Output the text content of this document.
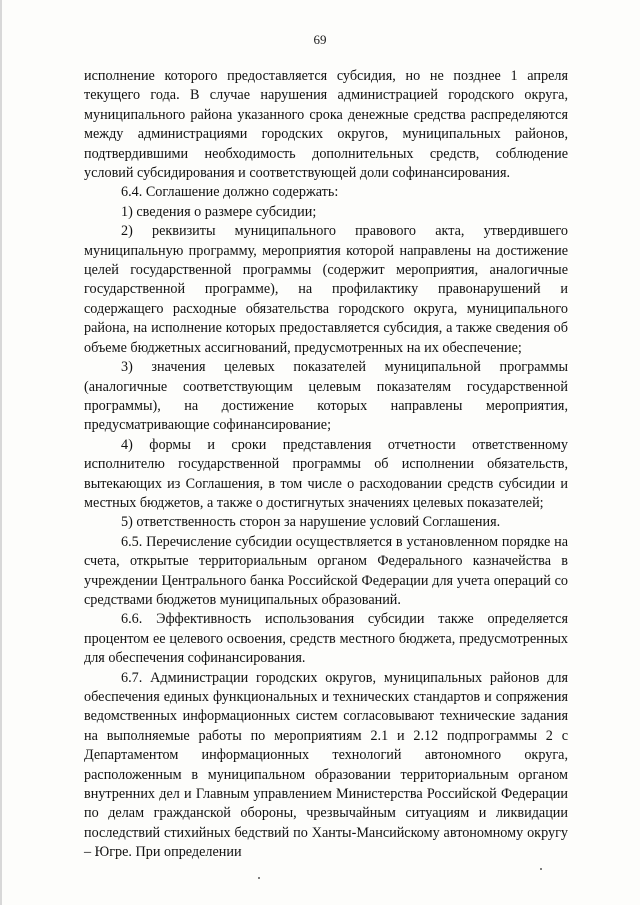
69

исполнение которого предоставляется субсидия, но не позднее 1 апреля текущего года. В случае нарушения администрацией городского округа, муниципального района указанного срока денежные средства распределяются между администрациями городских округов, муниципальных районов, подтвердившими необходимость дополнительных средств, соблюдение условий субсидирования и соответствующей доли софинансирования.

6.4. Соглашение должно содержать:

1) сведения о размере субсидии;

2) реквизиты муниципального правового акта, утвердившего муниципальную программу, мероприятия которой направлены на достижение целей государственной программы (содержит мероприятия, аналогичные государственной программе), на профилактику правонарушений и содержащего расходные обязательства городского округа, муниципального района, на исполнение которых предоставляется субсидия, а также сведения об объеме бюджетных ассигнований, предусмотренных на их обеспечение;

3) значения целевых показателей муниципальной программы (аналогичные соответствующим целевым показателям государственной программы), на достижение которых направлены мероприятия, предусматривающие софинансирование;

4) формы и сроки представления отчетности ответственному исполнителю государственной программы об исполнении обязательств, вытекающих из Соглашения, в том числе о расходовании средств субсидии и местных бюджетов, а также о достигнутых значениях целевых показателей;

5) ответственность сторон за нарушение условий Соглашения.

6.5. Перечисление субсидии осуществляется в установленном порядке на счета, открытые территориальным органом Федерального казначейства в учреждении Центрального банка Российской Федерации для учета операций со средствами бюджетов муниципальных образований.

6.6. Эффективность использования субсидии также определяется процентом ее целевого освоения, средств местного бюджета, предусмотренных для обеспечения софинансирования.

6.7. Администрации городских округов, муниципальных районов для обеспечения единых функциональных и технических стандартов и сопряжения ведомственных информационных систем согласовывают технические задания на выполняемые работы по мероприятиям 2.1 и 2.12 подпрограммы 2 с Департаментом информационных технологий автономного округа, расположенным в муниципальном образовании территориальным органом внутренних дел и Главным управлением Министерства Российской Федерации по делам гражданской обороны, чрезвычайным ситуациям и ликвидации последствий стихийных бедствий по Ханты-Мансийскому автономному округу – Югре. При определении
